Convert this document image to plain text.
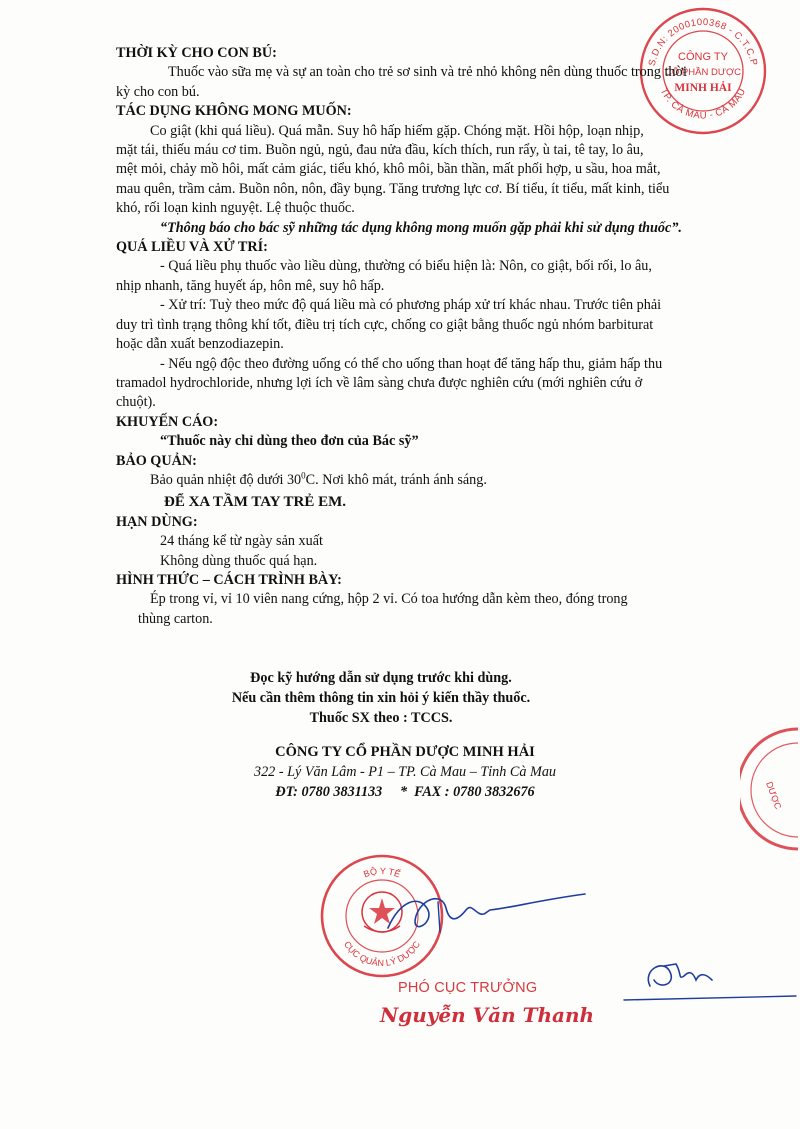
S.D.N: 2000100368 - C.T.C.P
TP. CÀ MAU - CÀ MAU
CÔNG TY
CỔ PHẦN DƯỢC
MINH HẢI
DƯỢC

THỜI KỲ CHO CON BÚ:

Thuốc vào sữa mẹ và sự an toàn cho trẻ sơ sinh và trẻ nhỏ không nên dùng thuốc trong thời

kỳ cho con bú.

TÁC DỤNG KHÔNG MONG MUỐN:

Co giật (khi quá liều). Quá mẫn. Suy hô hấp hiếm gặp. Chóng mặt. Hồi hộp, loạn nhịp,

mặt tái, thiếu máu cơ tim. Buồn ngủ, ngủ, đau nửa đầu, kích thích, run rẩy, ù tai, tê tay, lo âu,

mệt mỏi, chảy mồ hôi, mất cảm giác, tiểu khó, khô môi, bần thần, mất phối hợp, u sầu, hoa mắt,

mau quên, trầm cảm. Buồn nôn, nôn, đầy bụng. Tăng trương lực cơ. Bí tiểu, ít tiểu, mất kinh, tiểu

khó, rối loạn kinh nguyệt. Lệ thuộc thuốc.

“Thông báo cho bác sỹ những tác dụng không mong muốn gặp phải khi sử dụng thuốc”.

QUÁ LIỀU VÀ XỬ TRÍ:

- Quá liều phụ thuốc vào liều dùng, thường có biểu hiện là: Nôn, co giật, bối rối, lo âu,

nhịp nhanh, tăng huyết áp, hôn mê, suy hô hấp.

- Xử trí: Tuỳ theo mức độ quá liều mà có phương pháp xử trí khác nhau. Trước tiên phải

duy trì tình trạng thông khí tốt, điều trị tích cực, chống co giật bằng thuốc ngủ nhóm barbiturat

hoặc dẫn xuất benzodiazepin.

- Nếu ngộ độc theo đường uống có thể cho uống than hoạt để tăng hấp thu, giảm hấp thu

tramadol hydrochloride, nhưng lợi ích về lâm sàng chưa được nghiên cứu (mới nghiên cứu ở

chuột).

KHUYẾN CÁO:

“Thuốc này chỉ dùng theo đơn của Bác sỹ”

BẢO QUẢN:

Bảo quản nhiệt độ dưới $30^0C$. Nơi khô mát, tránh ánh sáng.

ĐỂ XA TẦM TAY TRẺ EM.

HẠN DÙNG:

24 tháng kể từ ngày sản xuất

Không dùng thuốc quá hạn.

HÌNH THỨC – CÁCH TRÌNH BÀY:

Ép trong vỉ, vỉ 10 viên nang cứng, hộp 2 vỉ. Có toa hướng dẫn kèm theo, đóng trong

thùng carton.

Đọc kỹ hướng dẫn sử dụng trước khi dùng.
Nếu cần thêm thông tin xin hỏi ý kiến thầy thuốc.
Thuốc SX theo : TCCS.
CÔNG TY CỔ PHẦN DƯỢC MINH HẢI
322 - Lý Văn Lâm - P1 – TP. Cà Mau – Tỉnh Cà Mau
ĐT: 0780 3831133     *  FAX : 0780 3832676
BỘ Y TẾ
CỤC QUẢN LÝ DƯỢC
PHÓ CỤC TRƯỞNG
Nguyễn Văn Thanh
